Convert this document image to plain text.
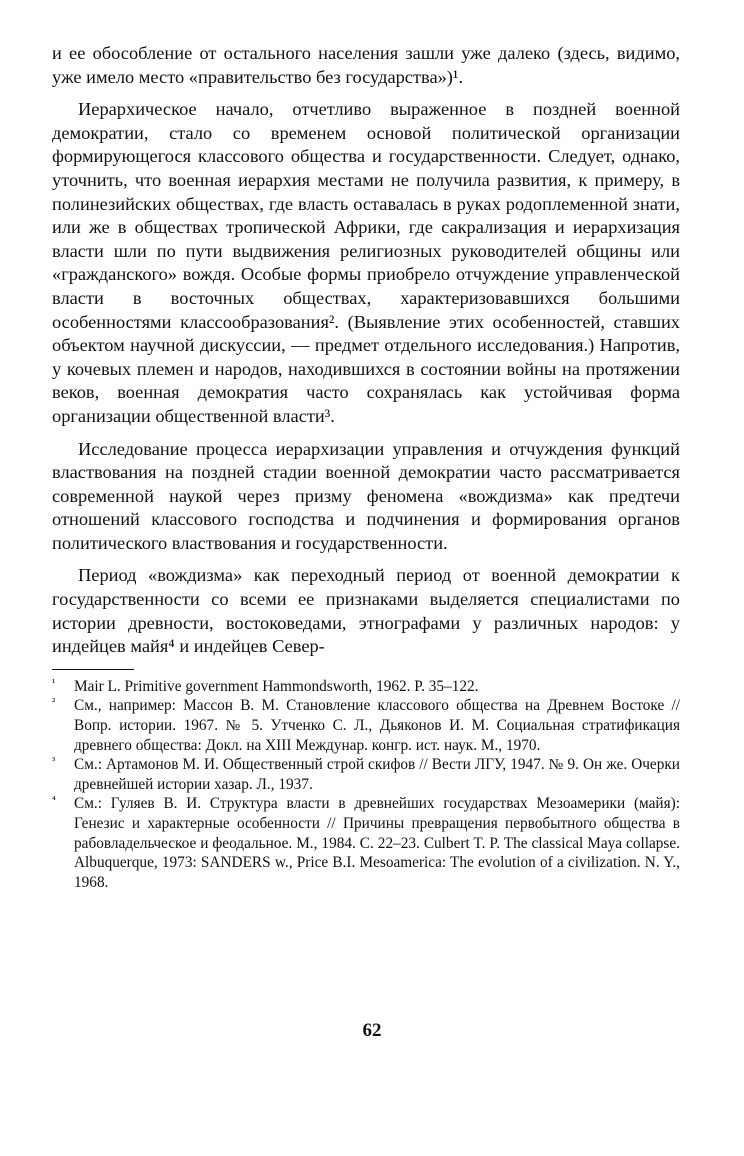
и ее обособление от остального населения зашли уже далеко (здесь, видимо, уже имело место «правительство без государства»)¹.

Иерархическое начало, отчетливо выраженное в поздней военной демократии, стало со временем основой политической организации формирующегося классового общества и государственности. Следует, однако, уточнить, что военная иерархия местами не получила развития, к примеру, в полинезийских обществах, где власть оставалась в руках родоплеменной знати, или же в обществах тропической Африки, где сакрализация и иерархизация власти шли по пути выдвижения религиозных руководителей общины или «гражданского» вождя. Особые формы приобрело отчуждение управленческой власти в восточных обществах, характеризовавшихся большими особенностями классообразования². (Выявление этих особенностей, ставших объектом научной дискуссии, — предмет отдельного исследования.) Напротив, у кочевых племен и народов, находившихся в состоянии войны на протяжении веков, военная демократия часто сохранялась как устойчивая форма организации общественной власти³.

Исследование процесса иерархизации управления и отчуждения функций властвования на поздней стадии военной демократии часто рассматривается современной наукой через призму феномена «вождизма» как предтечи отношений классового господства и подчинения и формирования органов политического властвования и государственности.

Период «вождизма» как переходный период от военной демократии к государственности со всеми ее признаками выделяется специалистами по истории древности, востоковедами, этнографами у различных народов: у индейцев майя⁴ и индейцев Север-

¹ Mair L. Primitive government Hammondsworth, 1962. P. 35–122.

² См., например: Массон В. М. Становление классового общества на Древнем Востоке // Вопр. истории. 1967. № 5. Утченко С. Л., Дьяконов И. М. Социальная стратификация древнего общества: Докл. на XIII Междунар. конгр. ист. наук. М., 1970.

³ См.: Артамонов М. И. Общественный строй скифов // Вести ЛГУ, 1947. № 9. Он же. Очерки древнейшей истории хазар. Л., 1937.

⁴ См.: Гуляев В. И. Структура власти в древнейших государствах Мезоамерики (майя): Генезис и характерные особенности // Причины превращения первобытного общества в рабовладельческое и феодальное. М., 1984. С. 22–23. Culbert T. P. The classical Maya collapse. Albuquerque, 1973: SANDERS w., Price B.I. Mesoamerica: The evolution of a civilization. N. Y., 1968.

62
